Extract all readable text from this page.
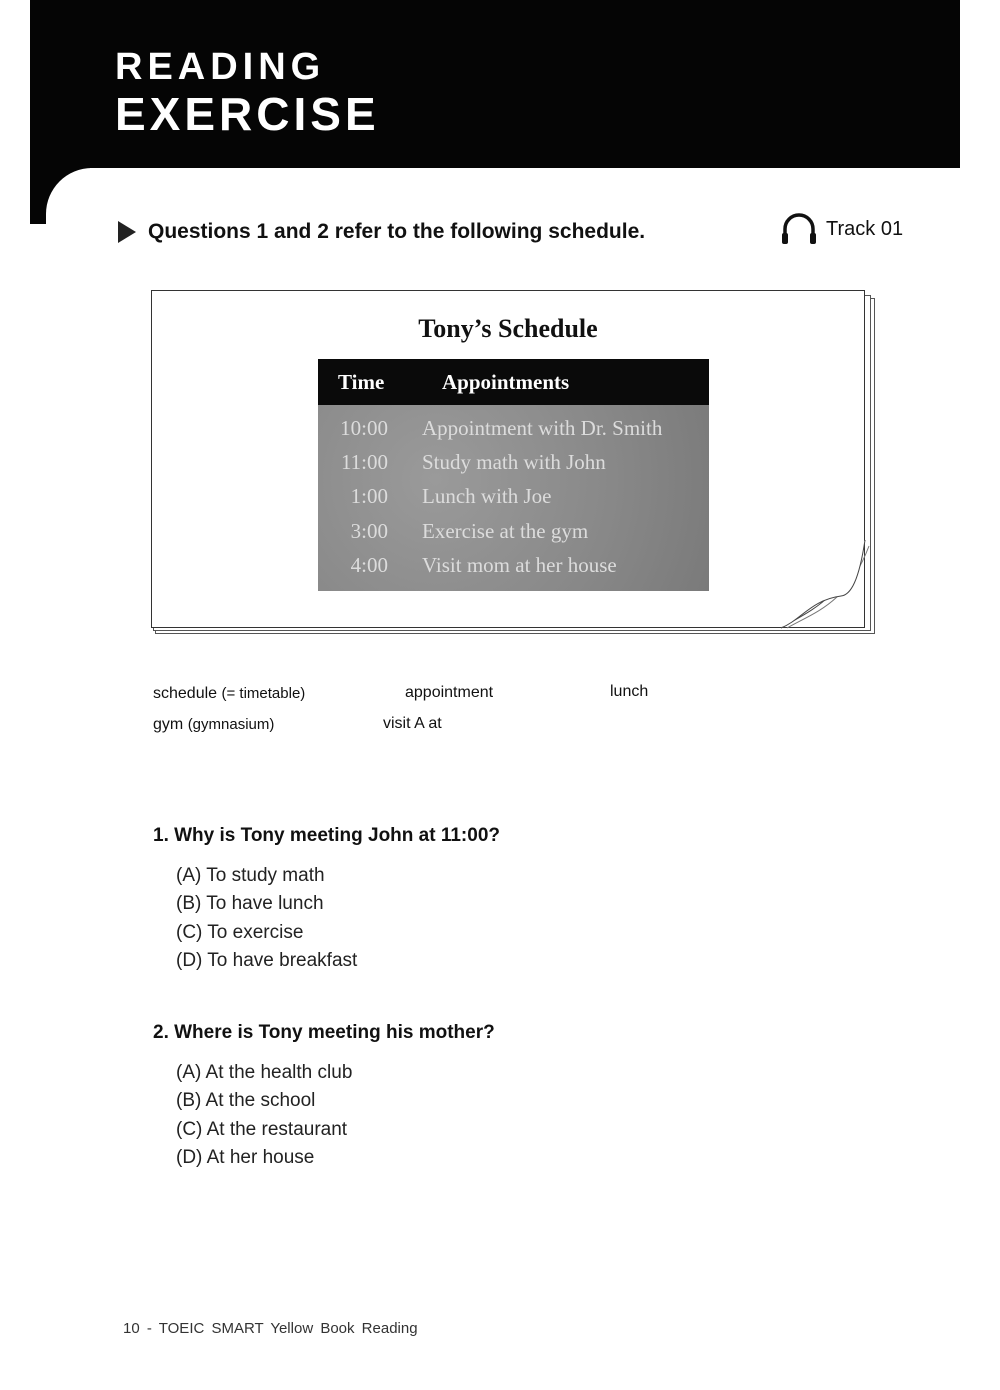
READING
EXERCISE
Questions 1 and 2 refer to the following schedule.	Track 01
Tony’s Schedule
Time	Appointments
10:00	Appointment with Dr. Smith
11:00	Study math with John
1:00	Lunch with Joe
3:00	Exercise at the gym
4:00	Visit mom at her house
schedule (= timetable)	appointment	lunch
gym (gymnasium)	visit A at
1. Why is Tony meeting John at 11:00?
(A) To study math
(B) To have lunch
(C) To exercise
(D) To have breakfast
2. Where is Tony meeting his mother?
(A) At the health club
(B) At the school
(C) At the restaurant
(D) At her house
10 - TOEIC SMART Yellow Book Reading
